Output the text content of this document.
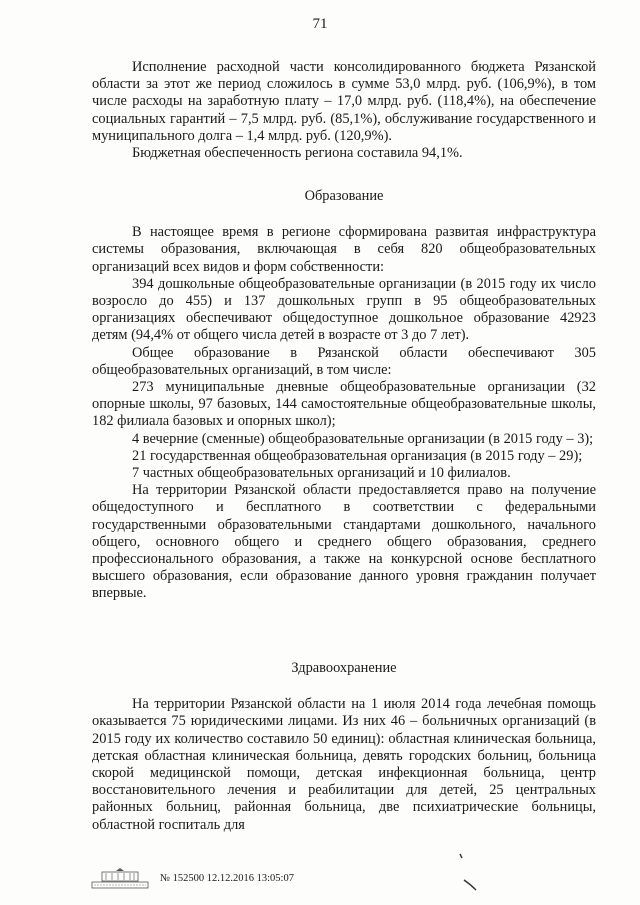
71

Исполнение расходной части консолидированного бюджета Рязанской области за этот же период сложилось в сумме 53,0 млрд. руб. (106,9%), в том числе расходы на заработную плату – 17,0 млрд. руб. (118,4%), на обеспечение социальных гарантий – 7,5 млрд. руб. (85,1%), обслуживание государственного и муниципального долга – 1,4 млрд. руб. (120,9%).

Бюджетная обеспеченность региона составила 94,1%.

Образование

В настоящее время в регионе сформирована развитая инфраструктура системы образования, включающая в себя 820 общеобразовательных организаций всех видов и форм собственности:

394 дошкольные общеобразовательные организации (в 2015 году их число возросло до 455) и 137 дошкольных групп в 95 общеобразовательных организациях обеспечивают общедоступное дошкольное образование 42923 детям (94,4% от общего числа детей в возрасте от 3 до 7 лет).

Общее образование в Рязанской области обеспечивают 305 общеобразовательных организаций, в том числе:

273 муниципальные дневные общеобразовательные организации (32 опорные школы, 97 базовых, 144 самостоятельные общеобразовательные школы, 182 филиала базовых и опорных школ);

4 вечерние (сменные) общеобразовательные организации (в 2015 году – 3);

21 государственная общеобразовательная организация (в 2015 году – 29);

7 частных общеобразовательных организаций и 10 филиалов.

На территории Рязанской области предоставляется право на получение общедоступного и бесплатного в соответствии с федеральными государственными образовательными стандартами дошкольного, начального общего, основного общего и среднего общего образования, среднего профессионального образования, а также на конкурсной основе бесплатного высшего образования, если образование данного уровня гражданин получает впервые.

Здравоохранение

На территории Рязанской области на 1 июля 2014 года лечебная помощь оказывается 75 юридическими лицами. Из них 46 – больничных организаций (в 2015 году их количество составило 50 единиц): областная клиническая больница, детская областная клиническая больница, девять городских больниц, больница скорой медицинской помощи, детская инфекционная больница, центр восстановительного лечения и реабилитации для детей, 25 центральных районных больниц, районная больница, две психиатрические больницы, областной госпиталь для

№ 152500 12.12.2016 13:05:07
